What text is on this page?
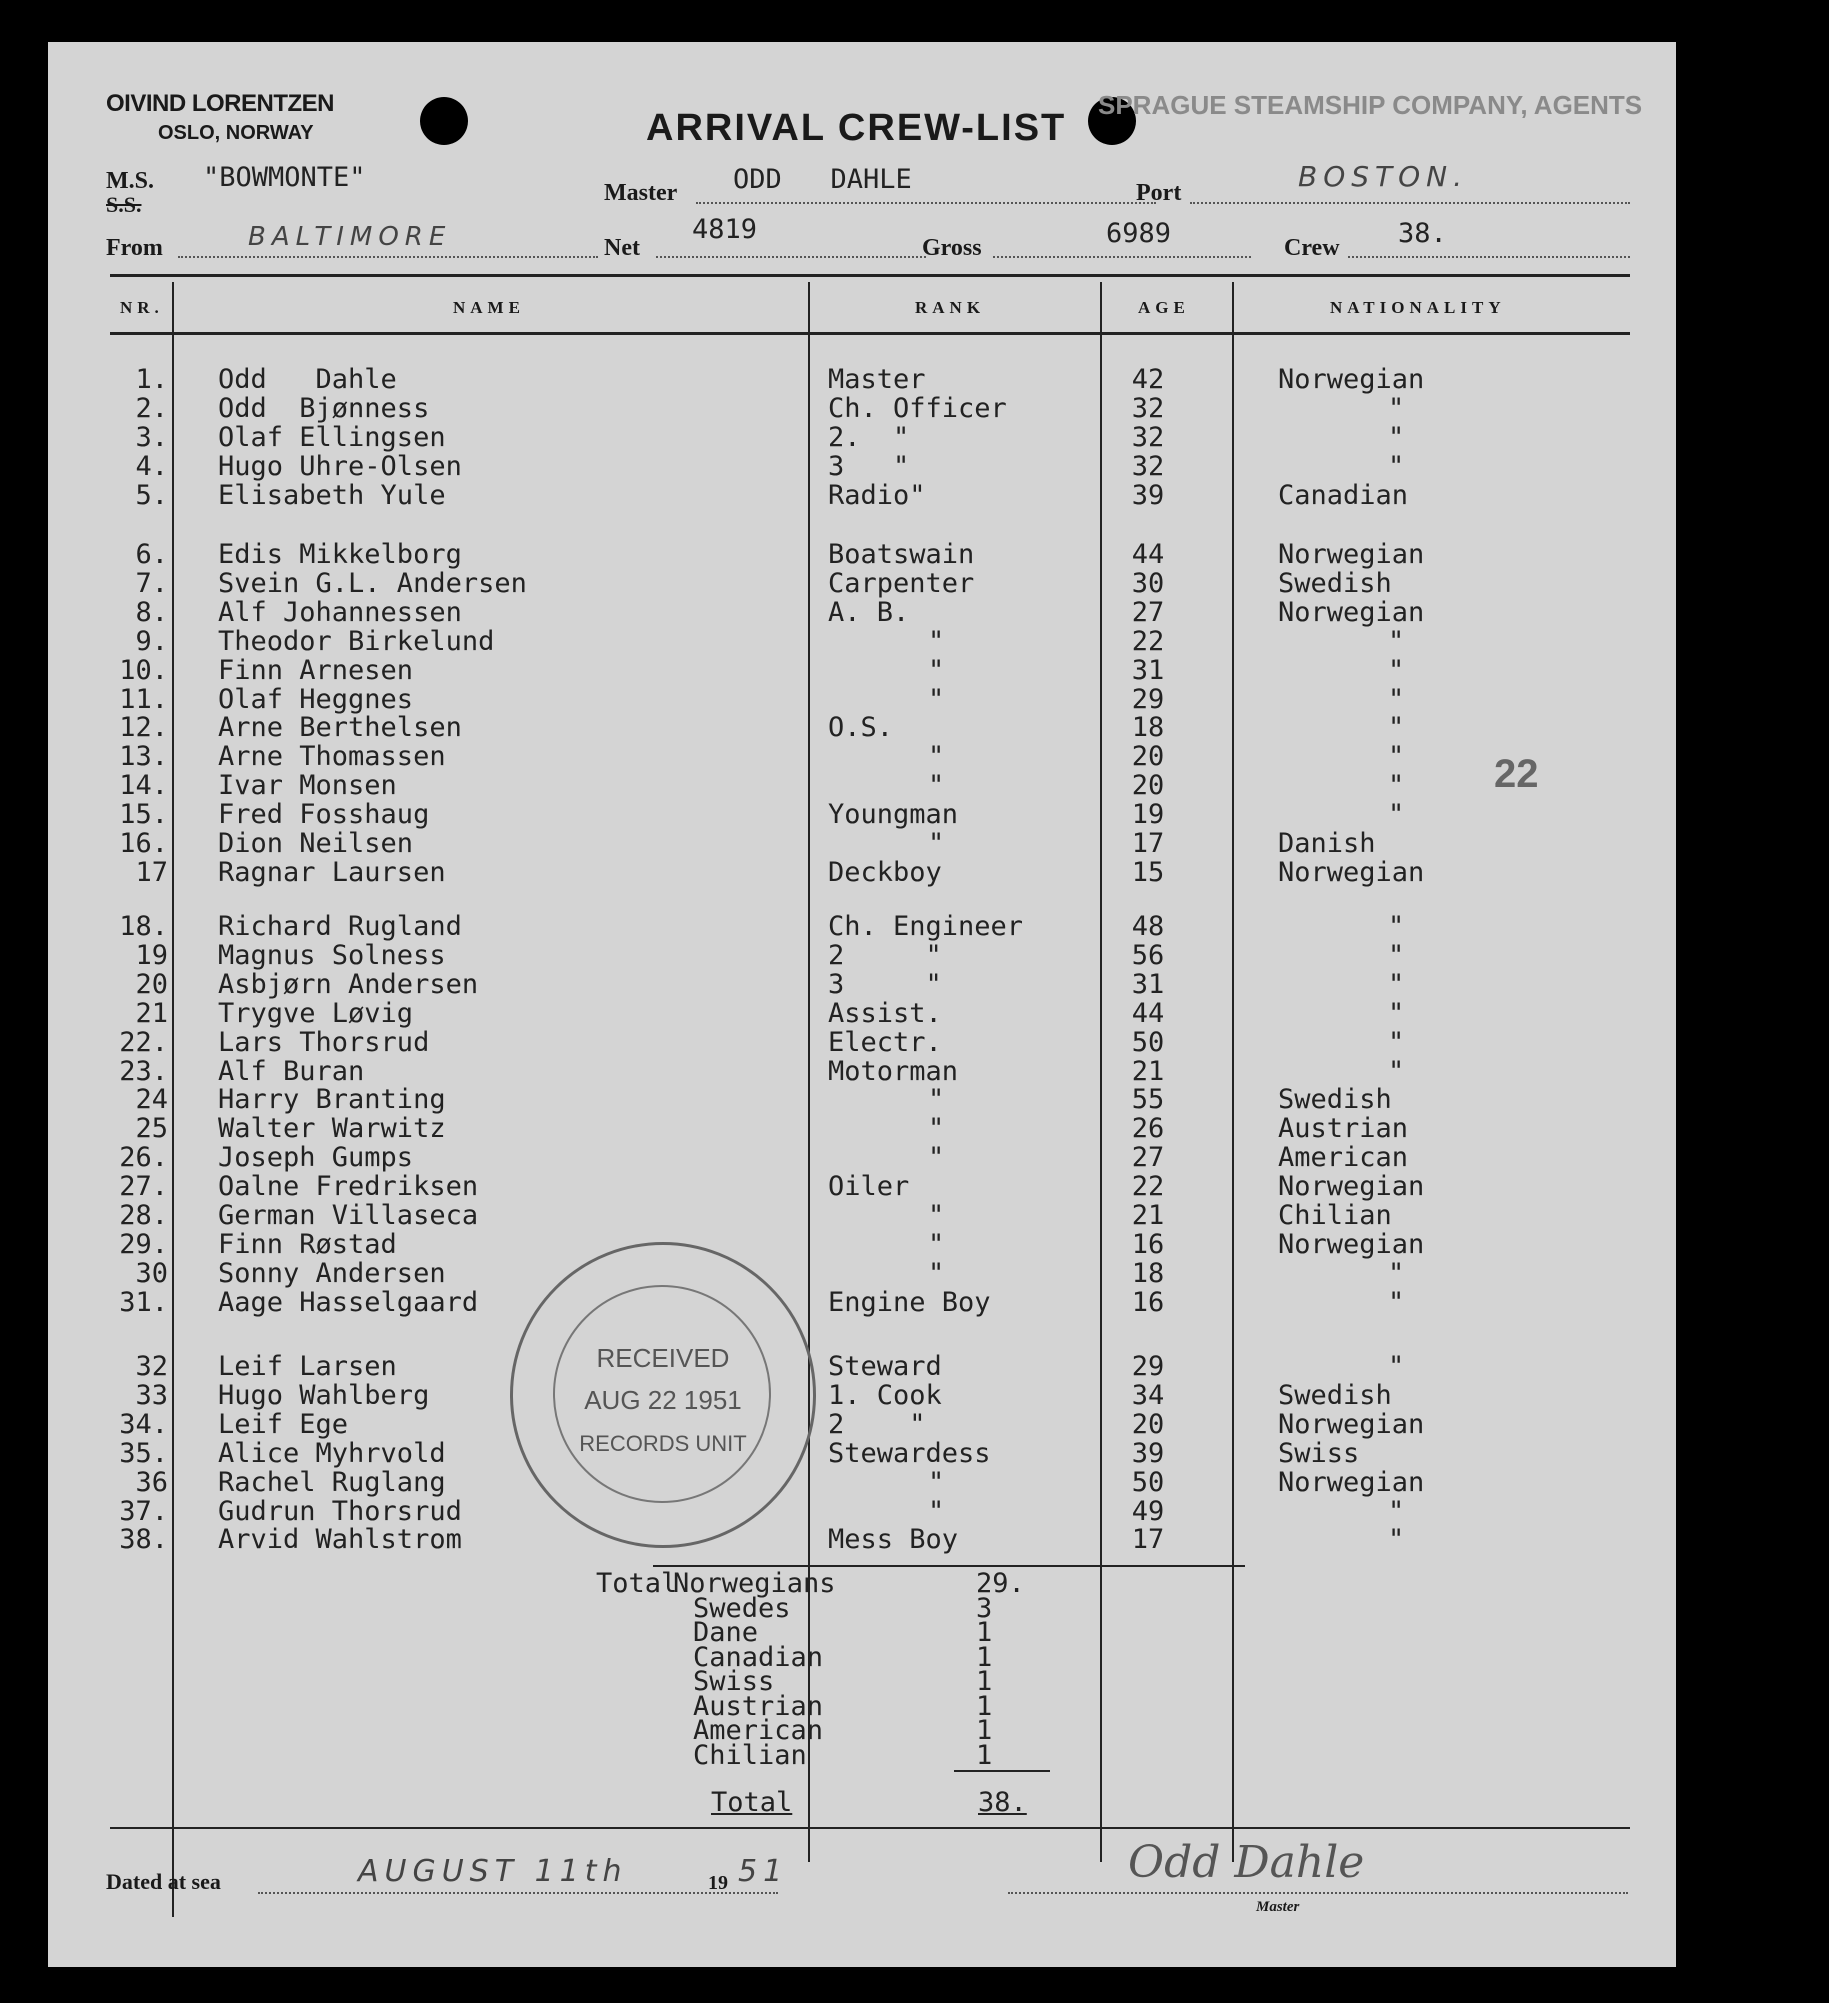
OIVIND LORENTZEN
OSLO, NORWAY	ARRIVAL CREW-LIST
SPRAGUE STEAMSHIP COMPANY, AGENTS
M.S.
S.S.
"BOWMONTE"	Master ODD   DAHLE	Port	BOSTON.
From	BALTIMORE	Net
4819
Gross	6989	Crew 38.
NR.	NAME	RANK	AGE	NATIONALITY
1. Odd   Dahle	Master	42	Norwegian
2. Odd  Bjønness	Ch. Officer	32	"
3. Olaf Ellingsen	2.  "	32	"
4. Hugo Uhre-Olsen	3   "	32	"
5. Elisabeth Yule	Radio"	39	Canadian
6. Edis Mikkelborg	Boatswain	44	Norwegian
7. Svein G.L. Andersen	Carpenter	30	Swedish
8. Alf Johannessen	A. B.	27	Norwegian
9. Theodor Birkelund	"	22	"
10. Finn Arnesen	"	31	"
11. Olaf Heggnes	"	29	"
12. Arne Berthelsen	O.S.	18	"
13. Arne Thomassen	"	20	"
14. Ivar Monsen	"	20	"
15. Fred Fosshaug	Youngman	19	"
16. Dion Neilsen	"	17	Danish
17 Ragnar Laursen	Deckboy	15	Norwegian
18. Richard Rugland	Ch. Engineer	48	"
19 Magnus Solness	2     "	56	"
20 Asbjørn Andersen	3     "	31	"
21 Trygve Løvig	Assist.	44	"
22. Lars Thorsrud	Electr.	50	"
23. Alf Buran	Motorman	21	"
24 Harry Branting	"	55	Swedish
25 Walter Warwitz	"	26	Austrian
26. Joseph Gumps	"	27	American
27. Oalne Fredriksen	Oiler	22	Norwegian
28. German Villaseca	"	21	Chilian
29. Finn Røstad	"	16	Norwegian
30 Sonny Andersen	"	18	"
31. Aage Hasselgaard	Engine Boy	16	"
32 Leif Larsen	Steward	29	"
33 Hugo Wahlberg	1. Cook	34	Swedish
34. Leif Ege	2    "	20	Norwegian
35. Alice Myhrvold	Stewardess	39	Swiss
36 Rachel Ruglang	"	50	Norwegian
37. Gudrun Thorsrud	"	49	"
38. Arvid Wahlstrom	Mess Boy	17	"
22
Total
Norwegians	29.
Swedes	3
Dane	1
Canadian	1
Swiss	1
Austrian	1
American	1
Chilian	1
Total	38.
RECEIVED
AUG 22 1951
RECORDS UNIT
Dated at sea	AUGUST 11th	19 51	Odd Dahle
Master
